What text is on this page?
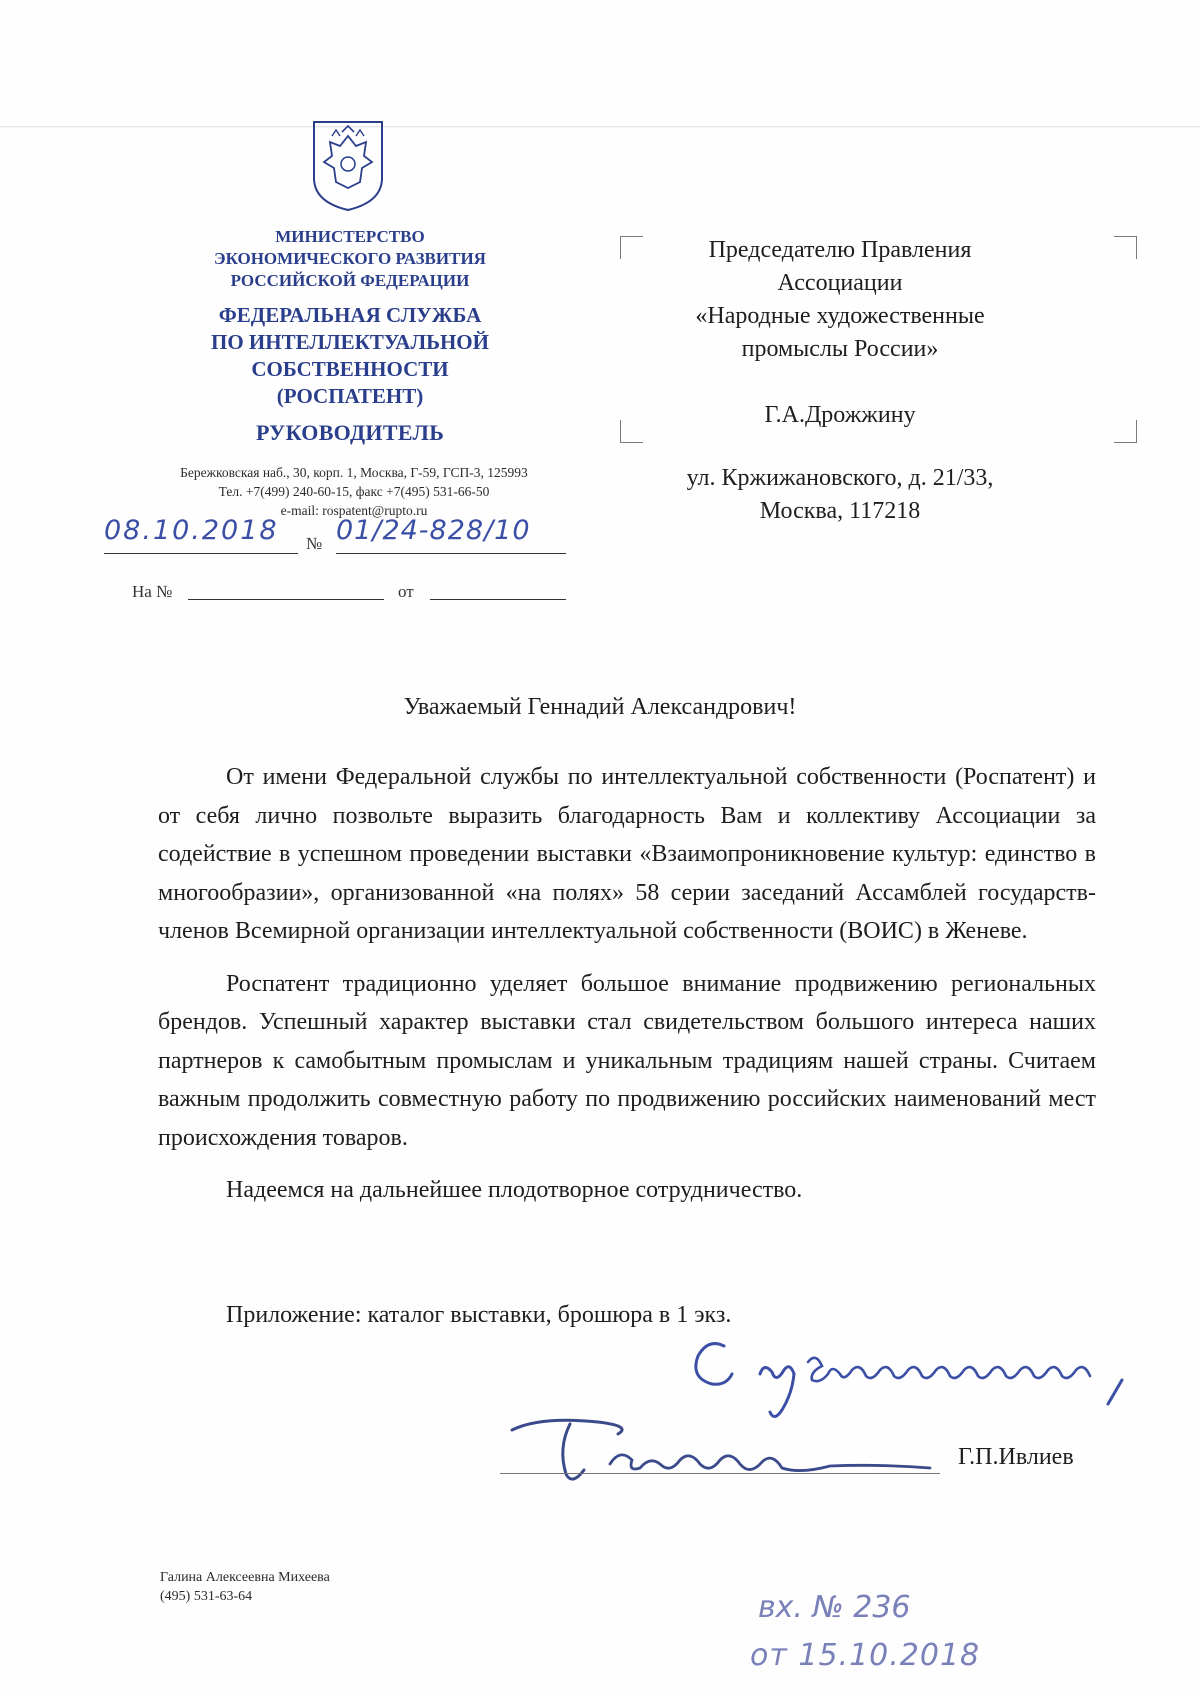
МИНИСТЕРСТВО
ЭКОНОМИЧЕСКОГО РАЗВИТИЯ
РОССИЙСКОЙ ФЕДЕРАЦИИ
ФЕДЕРАЛЬНАЯ СЛУЖБА
ПО ИНТЕЛЛЕКТУАЛЬНОЙ
СОБСТВЕННОСТИ
(РОСПАТЕНТ)
РУКОВОДИТЕЛЬ
Бережковская наб., 30, корп. 1, Москва, Г-59, ГСП-3, 125993
Тел. +7(499) 240-60-15, факс +7(495) 531-66-50
e-mail: rospatent@rupto.ru
08.10.2018	№ 01/24-828/10
На №	от
Председателю Правления
Ассоциации
«Народные художественные
промыслы России»
Г.А.Дрожжину
ул. Кржижановского, д. 21/33,
Москва, 117218
Уважаемый Геннадий Александрович!

От имени Федеральной службы по интеллектуальной собственности (Роспатент) и от себя лично позвольте выразить благодарность Вам и коллективу Ассоциации за содействие в успешном проведении выставки «Взаимопроникновение культур: единство в многообразии», организованной «на полях» 58 серии заседаний Ассамблей государств-членов Всемирной организации интеллектуальной собственности (ВОИС) в Женеве.

Роспатент традиционно уделяет большое внимание продвижению региональных брендов. Успешный характер выставки стал свидетельством большого интереса наших партнеров к самобытным промыслам и уникальным традициям нашей страны. Считаем важным продолжить совместную работу по продвижению российских наименований мест происхождения товаров.

Надеемся на дальнейшее плодотворное сотрудничество.

Приложение: каталог выставки, брошюра в 1 экз.
Г.П.Ивлиев
Галина Алексеевна Михеева
(495) 531-63-64	вх. № 236
от 15.10.2018
